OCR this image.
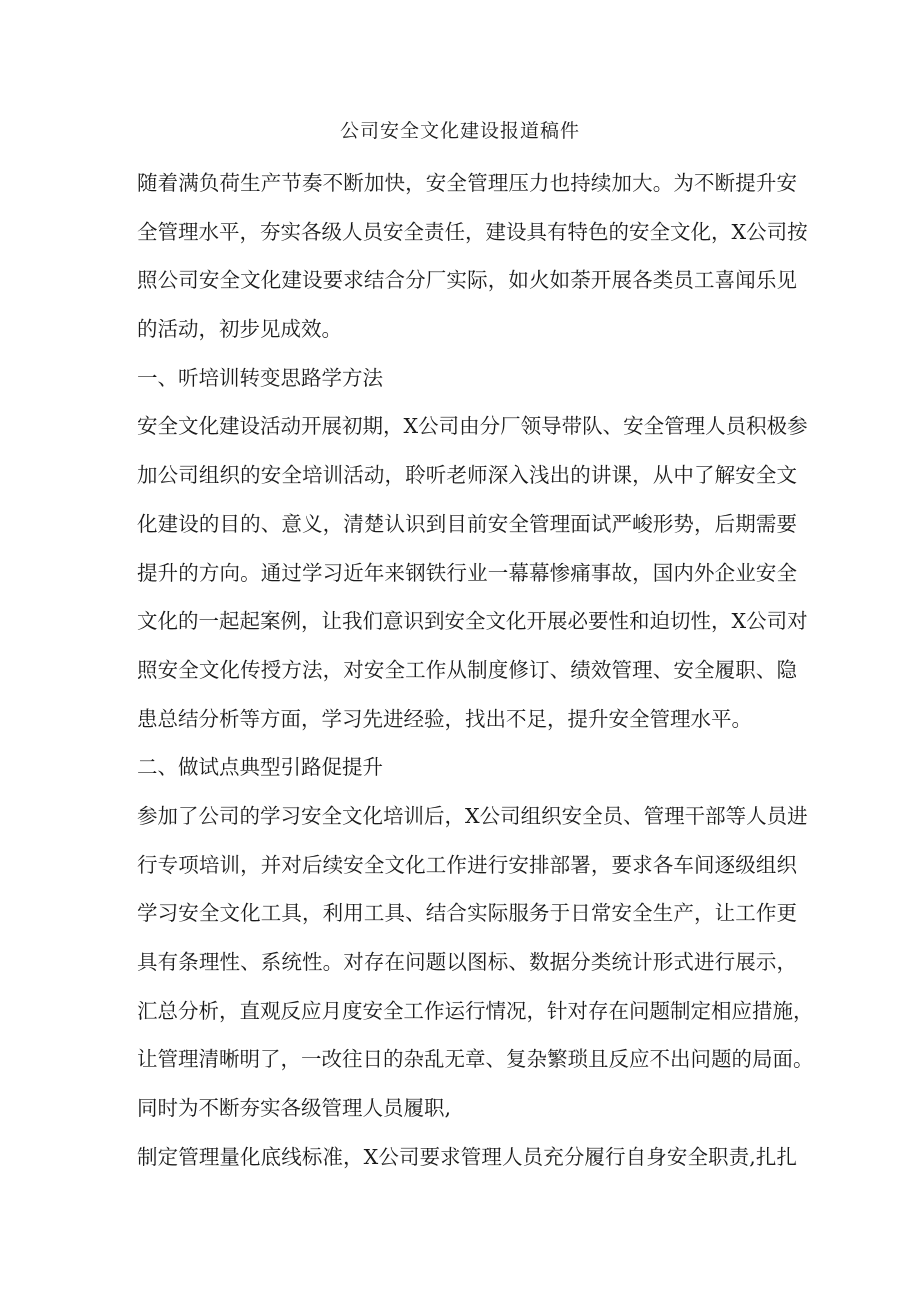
公司安全文化建设报道稿件
随着满负荷生产节奏不断加快，安全管理压力也持续加大。为不断提升安
全管理水平，夯实各级人员安全责任，建设具有特色的安全文化，X公司按
照公司安全文化建设要求结合分厂实际，如火如荼开展各类员工喜闻乐见
的活动，初步见成效。
一、听培训转变思路学方法
安全文化建设活动开展初期，X公司由分厂领导带队、安全管理人员积极参
加公司组织的安全培训活动，聆听老师深入浅出的讲课，从中了解安全文
化建设的目的、意义，清楚认识到目前安全管理面试严峻形势，后期需要
提升的方向。通过学习近年来钢铁行业一幕幕惨痛事故，国内外企业安全
文化的一起起案例，让我们意识到安全文化开展必要性和迫切性，X公司对
照安全文化传授方法，对安全工作从制度修订、绩效管理、安全履职、隐
患总结分析等方面，学习先进经验，找出不足，提升安全管理水平。
二、做试点典型引路促提升
参加了公司的学习安全文化培训后，X公司组织安全员、管理干部等人员进
行专项培训，并对后续安全文化工作进行安排部署，要求各车间逐级组织
学习安全文化工具，利用工具、结合实际服务于日常安全生产，让工作更
具有条理性、系统性。对存在问题以图标、数据分类统计形式进行展示，
汇总分析，直观反应月度安全工作运行情况，针对存在问题制定相应措施，
让管理清晰明了，一改往日的杂乱无章、复杂繁琐且反应不出问题的局面。
同时为不断夯实各级管理人员履职,
制定管理量化底线标准，X公司要求管理人员充分履行自身安全职责,扎扎
